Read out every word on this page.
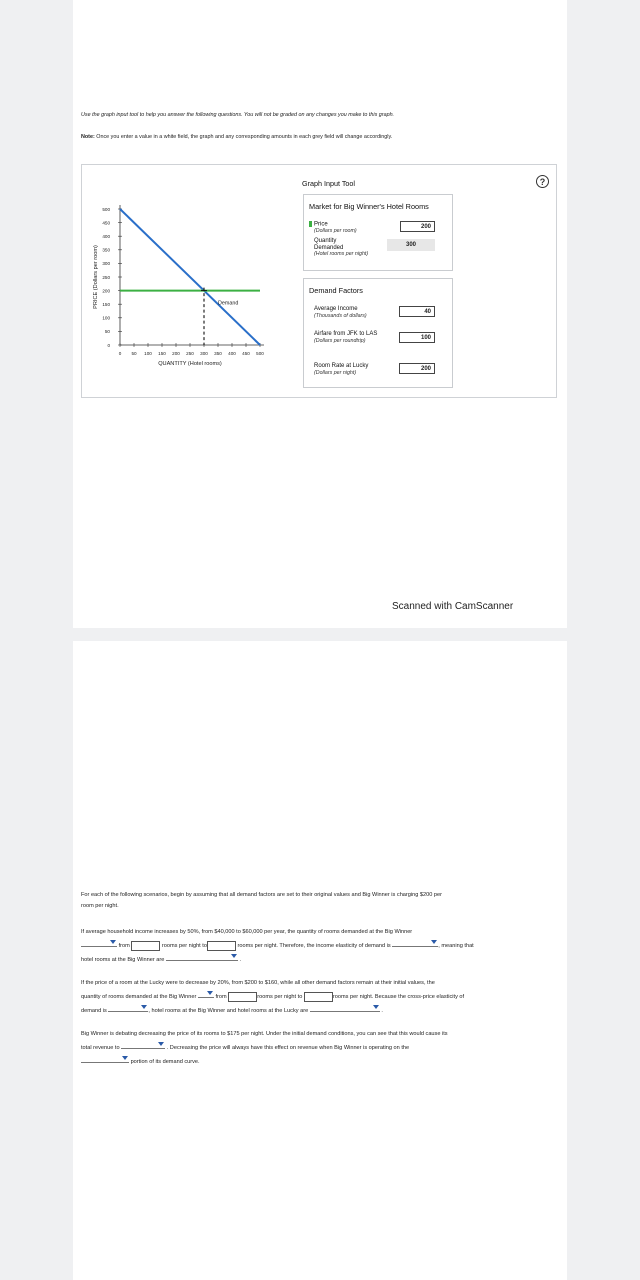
Use the graph input tool to help you answer the following questions. You will not be graded on any changes you make to this graph.
Note: Once you enter a value in a white field, the graph and any corresponding amounts in each grey field will change accordingly.
500
450
400
350
300
250
200
150
100
50
0
0 50 100 150 200 250 300 350 400 450 500
QUANTITY (Hotel rooms)
PRICE (Dollars per room)	Demand
Graph Input Tool	?
Market for Big Winner's Hotel Rooms
Price
(Dollars per room)
200
Quantity
Demanded
(Hotel rooms per night)
300
Demand Factors
Average Income
(Thousands of dollars)
40
Airfare from JFK to LAS
(Dollars per roundtrip)	100
Room Rate at Lucky
(Dollars per night)
200
Scanned with CamScanner
For each of the following scenarios, begin by assuming that all demand factors are set to their original values and Big Winner is charging $200 per
room per night.
If average household income increases by 50%, from $40,000 to $60,000 per year, the quantity of rooms demanded at the Big Winner
from	rooms per night to	rooms per night. Therefore, the income elasticity of demand is	, meaning that
hotel rooms at the Big Winner are	.
If the price of a room at the Lucky were to decrease by 20%, from $200 to $160, while all other demand factors remain at their initial values, the
quantity of rooms demanded at the Big Winner	from	rooms per night to	rooms per night. Because the cross-price elasticity of
demand is	, hotel rooms at the Big Winner and hotel rooms at the Lucky are	.
Big Winner is debating decreasing the price of its rooms to $175 per night. Under the initial demand conditions, you can see that this would cause its
total revenue to	. Decreasing the price will always have this effect on revenue when Big Winner is operating on the
portion of its demand curve.
